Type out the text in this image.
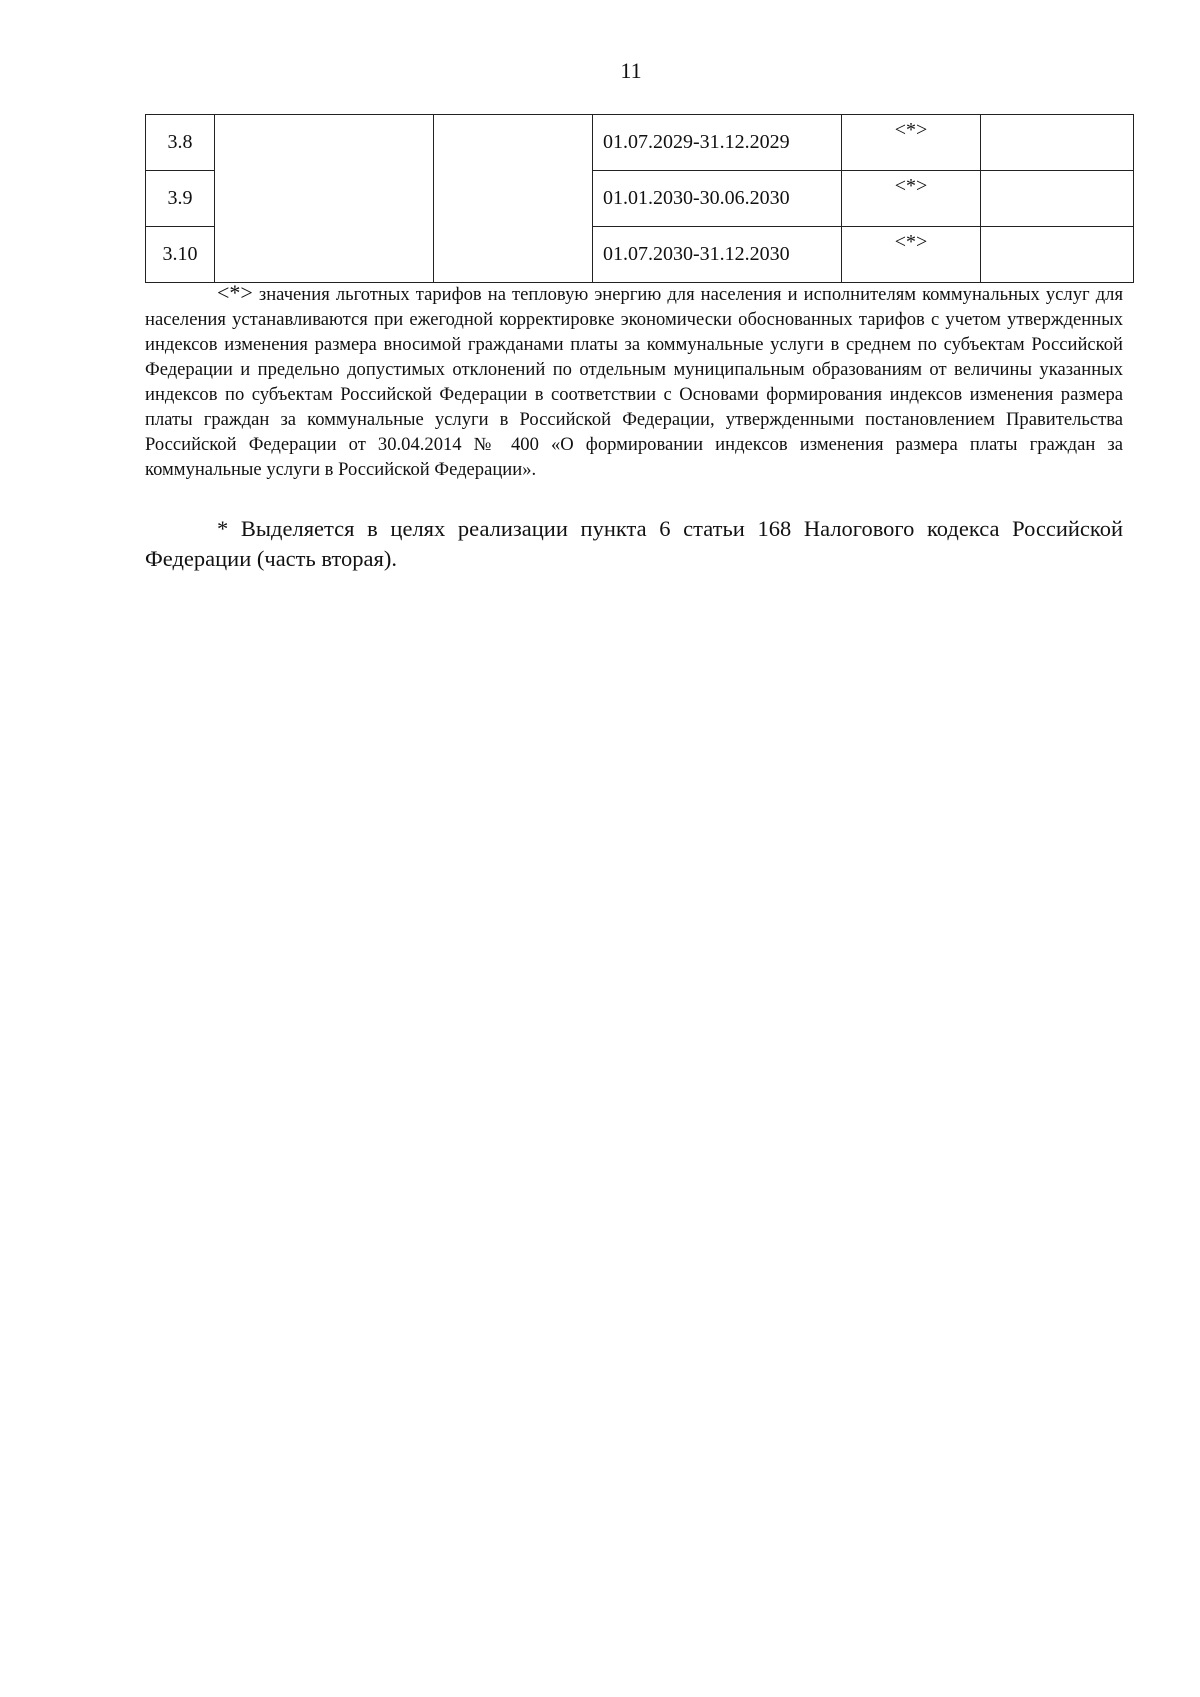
11
3.8			01.07.2029-31.12.2029	<*>	
3.9			01.01.2030-30.06.2030	<*>	
3.10			01.07.2030-31.12.2030	<*>	

<*> значения льготных тарифов на тепловую энергию для населения и исполнителям коммунальных услуг для населения устанавливаются при ежегодной корректировке экономически обоснованных тарифов с учетом утвержденных индексов изменения размера вносимой гражданами платы за коммунальные услуги в среднем по субъектам Российской Федерации и предельно допустимых отклонений по отдельным муниципальным образованиям от величины указанных индексов по субъектам Российской Федерации в соответствии с Основами формирования индексов изменения размера платы граждан за коммунальные услуги в Российской Федерации, утвержденными постановлением Правительства Российской Федерации от 30.04.2014 № 400 «О формировании индексов изменения размера платы граждан за коммунальные услуги в Российской Федерации».

* Выделяется в целях реализации пункта 6 статьи 168 Налогового кодекса Российской Федерации (часть вторая).
